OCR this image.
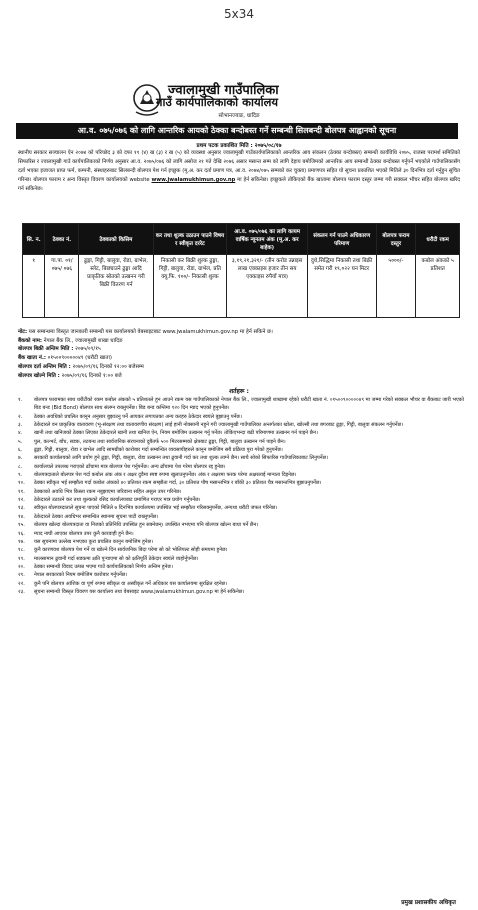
5x34
ज्वालामुखी गाउँपालिका
गाउँ कार्यपालिकाको कार्यालय
सोभानज्याङ, धादिङ
आ.व. ०७५/०७६ को लागि आन्तरिक आयको ठेक्का बन्दोबस्त गर्ने सम्बन्धी सिलबन्दी बोलपत्र आह्वानको सूचना
प्रथम पटक प्रकाशित मिति : २०७५/०८/१७
स्थानीय सरकार सञ्चालन ऐन २०७४ को परिच्छेद ३ को दफा ११ (४) ख (३) र ख (५) को व्यवस्था अनुसार ज्वालामुखी गाउँकार्यपालिकाको आन्तरिक आय संकलन (ठेक्का बन्दोबस्त) सम्बन्धी कार्यविधि २०७५, राजस्व परामर्श समितिको सिफारिस र ज्वालामुखी गाउँ कार्यपालिकाको निर्णय अनुसार आ.व. २०७५/०७६ को लागि असोज २१ गते देखि २०७६ असार मसान्त सम्म को लागि देहाय बमोजिमको आन्तरिक आय सम्बन्धी ठेक्का बन्दोबस्त गर्नुपर्ने भएकोले गाउँपालिकासँग दर्ता भएका इजाजत प्राप्त फर्म, कम्पनी, संस्थाहरुबाट सिलबन्दी बोलपत्र पेश गर्न इच्छुक (मू.अ. कर दर्ता प्रमाण पत्र, आ.व. २०७४/०७५ सम्मको कर चुक्ता) प्रमाणपत्र सहित यो सूचना प्रकाशित भएको मितिले ३० दिनभित्र दर्ता गर्नुहुन सूचित गरिन्छ। बोलपत्र फाराम र अन्य विस्तृत विवरण कार्यालयको website www.jwalamukhimun.gov.np मा हेर्न सकिनेछ। इच्छुकले तोकिएको बैंक खातामा बोलपत्र फाराम दस्तुर जम्मा गरी सक्कल भौचर सहित बोलपत्र खरिद गर्न सकिनेछ।
सि. न.	ठेक्का नं.	ठेक्काको किसिम	कर तथा शुल्क उठाउन पाउने विषय र स्वीकृत दररेट	आ.व. ०७५/०७६ का लागि कायम वार्षिक न्यूनतम अंक (मू.अ. कर बाहेक)	संकलन गर्न पाउने अधिकारण परिमाण	बोलपत्र फराम दस्तुर	धरौटी रकम
१	गा.पा. ०१/ ०७५/ ०७६	ढुङ्गा, गिट्टी, बालुवा, रोडा, ग्राभेल, स्लेट, बिछ्याउने ढुङ्गा आदि प्राकृतिक स्रोतको उत्खनन गरी बिक्री वितरण गर्न	निकासी कर बिक्री शुल्क ढुङ्गा, गिट्टी, बालुवा, रोडा, ग्राभेल, प्रति क्यू.फि. १००/- निकासी शुल्क	३,१९,२१,३२१/- (तीन करोड उन्नाइस लाख एक्काइस हजार तीन सय एक्काइस रुपैयाँ मात्र)	दुधे,सिद्धिमा निकासी तथा बिक्री समेत गरी १९,०२२ घन मिटर	५०००/-	कबोल अंकको ५ प्रतिशत
नोट: यस सम्बन्धमा विस्तृत जानकारी सम्बन्धी यस कार्यालयको वेबसाइटबाट www.jwalamukhimun.gov.np मा हेर्न सकिने छ।
बैंकको नाम: नेपाल बैंक लि., ज्वालामुखी शाखा धादिङ
बोलपत्र बिक्री अन्तिम मिति : २०७५/०९/१५
बैंक खाता नं.: ०१५००९०००००४९ (धरौटी खाता)
बोलपत्र दर्ता अन्तिम मिति : २०७५/०९/१६ दिनको १२:०० बजेसम्म
बोलपत्र खोल्ने मिति : २०७५/०९/१६ दिनको १:०० बजे
शर्तहरू :
१.	बोलपत्र फारामका साथ धरौटीको रकम कबोल अंकको ५ प्रतिशतले हुन आउने रकम यस गाउँपालिकाको नेपाल बैंक लि., ज्वालामुखी शाखामा रहेको धरौटी खाता नं. ०१५००९०००००४९ मा जम्मा गरेको सक्कल भौचर वा बैंकबाट जारी भएको बिड बन्ड (Bid Bond) बोलपत्र साथ संलग्न राख्नुपर्नेछ। बिड बन्ड कम्तिमा १२० दिन म्याद भएको हुनुपर्नेछ।
२.	ठेक्का अवधिको प्रचलित कानुन अनुसार बुझाउनु पर्ने आयकर लगायतका अन्य करहरु ठेकेदार स्वयंले बुझाउनु पर्नेछ।
३.	ठेकेदारले वन प्राकृतिक वातावरण (भू-संरक्षण तथा वातावरणीय संरक्षण) लाई हानी नोक्सानी नहुने गरी ज्वालामुखी गाउँपालिका अन्तर्गतका खोला, खोल्सी तथा बगरबाट ढुङ्गा, गिट्टी, बालुवा संकलन गर्नुपर्नेछ।
४.	खानी तथा खनिजको ठेक्का लिएका ठेकेदारले खानी तथा खनिज ऐन, नियम बमोजिम उत्खनन गर्नु पर्नेछ। तोकिएभन्दा बढी परिमाणमा उत्खनन गर्न पाइने छैन।
५.	पुल, कल्भर्ट, बाँध, सडक, तटबन्ध तथा सार्वजनिक संरचनाको दुबैतर्फ ५०० मिटरसम्मको क्षेत्रबाट ढुङ्गा, गिट्टी, बालुवा उत्खनन गर्न पाइने छैन।
६.	ढुङ्गा, गिट्टी, बालुवा, रोडा र ग्राभेल आदि सामग्रीको कारोबार गर्दा सम्बन्धित व्यवसायीहरुले कानुन बमोजिम सबै प्रक्रिया पुरा गरेको हुनुपर्नेछ।
७.	सरकारी कार्यालयको लागि प्रयोग हुने ढुङ्गा, गिट्टी, बालुवा, रोडा उत्खनन तथा ढुवानी गर्दा कर तथा शुल्क लाग्ने छैन। साथै सोको सिफारिस गाउँपालिकाबाट लिनुपर्नेछ।
८.	कार्यालयले उपलब्ध गराएको ढाँचामा मात्र बोलपत्र पेश गर्नुपर्नेछ। अन्य ढाँचामा पेश गरेमा बोलपत्र रद्द हुनेछ।
९.	बोलपत्रदाताले बोलपत्र पेश गर्दा कबोल अंक अंक र अक्षर दुवैमा स्पष्ट रुपमा खुलाउनुपर्नेछ। अंक र अक्षरमा फरक परेमा अक्षरलाई मान्यता दिइनेछ।
१०.	ठेक्का स्वीकृत भई सम्झौता गर्दा कबोल अंकको ४० प्रतिशत रकम सम्झौता गर्दा, ३० प्रतिशत पौष मसान्तभित्र र बाँकी ३० प्रतिशत चैत्र मसान्तभित्र बुझाउनुपर्नेछ।
११.	ठेक्काको अवधि भित्र किस्ता रकम नबुझाएमा जरिवाना सहित असुल उपर गरिनेछ।
१२.	ठेकेदारले उठाउने कर तथा शुल्कको रसिद कार्यालयबाट प्रमाणित गराएर मात्र प्रयोग गर्नुपर्नेछ।
१३.	स्वीकृत बोलपत्रदाताले सूचना पाएको मितिले ७ दिनभित्र कार्यालयमा उपस्थित भई सम्झौता गरिसक्नुपर्नेछ, अन्यथा धरौटी जफत गरिनेछ।
१४.	ठेकेदारले ठेक्का अवधिभर सम्बन्धित स्थानमा सूचना पाटी राख्नुपर्नेछ।
१५.	बोलपत्र खोल्दा बोलपत्रदाता वा निजको प्रतिनिधि उपस्थित हुन सक्नेछन्। उपस्थित नभएमा पनि बोलपत्र खोल्न बाधा पर्ने छैन।
१६.	म्याद नाघी आएका बोलपत्र उपर कुनै कारवाही हुने छैन।
१७.	यस सूचनामा उल्लेख नभएका कुरा प्रचलित कानुन बमोजिम हुनेछ।
१८.	कुनै कारणवश बोलपत्र पेश गर्ने वा खोल्ने दिन सार्वजनिक बिदा परेमा सो को भोलिपल्ट सोही समयमा हुनेछ।
१९.	मालसामान ढुवानी गर्दा सडकमा क्षति पुर्‍याएमा सो को क्षतिपूर्ति ठेकेदार स्वयंले व्यहोर्नुपर्नेछ।
२०.	ठेक्का सम्बन्धी विवाद उत्पन्न भएमा गाउँ कार्यपालिकाको निर्णय अन्तिम हुनेछ।
२१.	नेपाल सरकारको नियम बमोजिम कारोबार गर्नुपर्नेछ।
२२.	कुनै पनि बोलपत्र आंशिक वा पूर्ण रुपमा स्वीकृत वा अस्वीकृत गर्ने अधिकार यस कार्यालयमा सुरक्षित रहनेछ।
२३.	सूचना सम्बन्धी विस्तृत विवरण यस कार्यालय तथा वेबसाइट www.jwalamukhimun.gov.np मा हेर्न सकिनेछ।
प्रमुख प्रशासकीय अधिकृत
